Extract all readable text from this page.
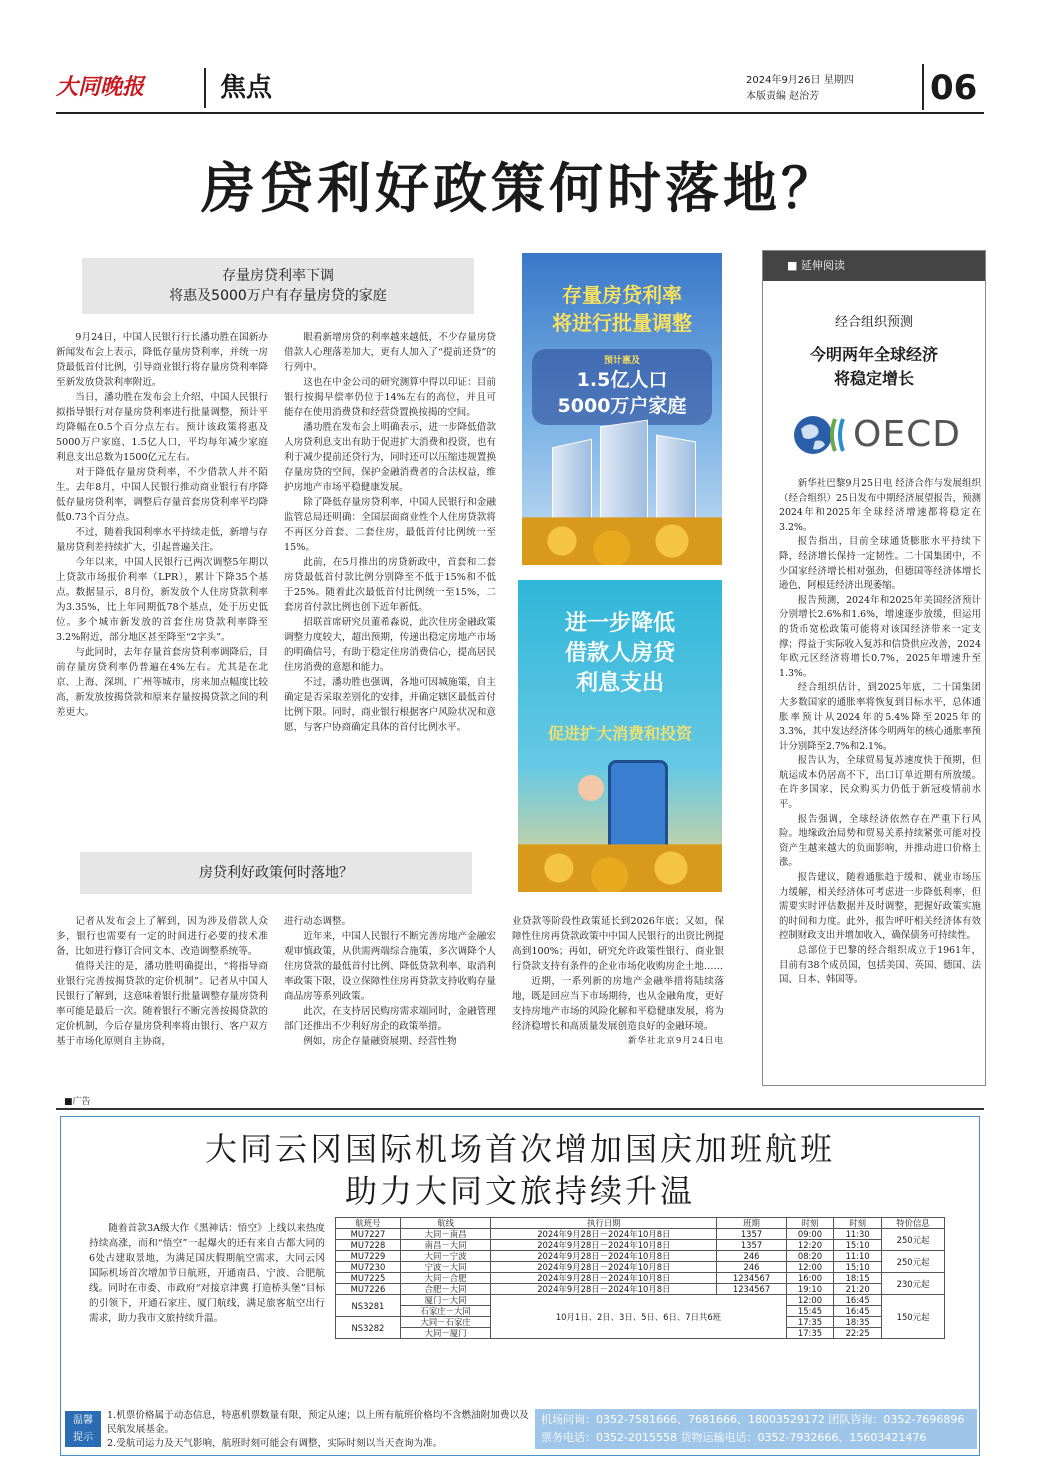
大同晚报	焦点	2024年9月26日 星期四
本版责编 赵治芳	06
房贷利好政策何时落地？
存量房贷利率下调
将惠及5000万户有存量房贷的家庭

9月24日，中国人民银行行长潘功胜在国新办新闻发布会上表示，降低存量房贷利率，并统一房贷最低首付比例，引导商业银行将存量房贷利率降至新发放贷款利率附近。

当日，潘功胜在发布会上介绍，中国人民银行拟指导银行对存量房贷利率进行批量调整，预计平均降幅在0.5个百分点左右。预计该政策将惠及5000万户家庭、1.5亿人口，平均每年减少家庭利息支出总数为1500亿元左右。

对于降低存量房贷利率，不少借款人并不陌生。去年8月，中国人民银行推动商业银行有序降低存量房贷利率，调整后存量首套房贷利率平均降低0.73个百分点。

不过，随着我国利率水平持续走低，新增与存量房贷利差持续扩大，引起普遍关注。

今年以来，中国人民银行已两次调整5年期以上贷款市场报价利率（LPR），累计下降35个基点。数据显示，8月份，新发放个人住房贷款利率为3.35%，比上年同期低78个基点，处于历史低位。多个城市新发放的首套住房贷款利率降至3.2%附近，部分地区甚至降至“2字头”。

与此同时，去年存量首套房贷利率调降后，目前存量房贷利率仍普遍在4%左右。尤其是在北京、上海、深圳、广州等城市，房来加点幅度比较高，新发放按揭贷款和原来存量按揭贷款之间的利差更大。

眼看新增房贷的利率越来越低，不少存量房贷借款人心理落差加大，更有人加入了“提前还贷”的行列中。

这也在中金公司的研究测算中得以印证：目前银行按揭早偿率仍位于14%左右的高位，并且可能存在使用消费贷和经营贷置换按揭的空间。

潘功胜在发布会上明确表示，进一步降低借款人房贷利息支出有助于促进扩大消费和投资，也有利于减少提前还贷行为，同时还可以压缩违规置换存量房贷的空间，保护金融消费者的合法权益，维护房地产市场平稳健康发展。

除了降低存量房贷利率，中国人民银行和金融监管总局还明确：全国层面商业性个人住房贷款将不再区分首套、二套住房，最低首付比例统一至15%。

此前，在5月推出的房贷新政中，首套和二套房贷最低首付款比例分别降至不低于15%和不低于25%。随着此次最低首付比例统一至15%，二套房首付款比例也创下近年新低。

招联首席研究员董希淼说，此次住房金融政策调整力度较大，超出预期，传递出稳定房地产市场的明确信号，有助于稳定住房消费信心，提高居民住房消费的意愿和能力。

不过，潘功胜也强调，各地可因城施策，自主确定是否采取差别化的安排，并确定辖区最低首付比例下限。同时，商业银行根据客户风险状况和意愿，与客户协商确定具体的首付比例水平。

存量房贷利率
将进行批量调整
预计惠及
1.5亿人口
5000万户家庭
进一步降低
借款人房贷
利息支出
促进扩大消费和投资
房贷利好政策何时落地？

记者从发布会上了解到，因为涉及借款人众多，银行也需要有一定的时间进行必要的技术准备，比如进行修订合同文本、改造调整系统等。

值得关注的是，潘功胜明确提出，“将指导商业银行完善按揭贷款的定价机制”。记者从中国人民银行了解到，这意味着银行批量调整存量房贷利率可能是最后一次。随着银行不断完善按揭贷款的定价机制，今后存量房贷利率将由银行、客户双方基于市场化原则自主协商，

进行动态调整。

近年来，中国人民银行不断完善房地产金融宏观审慎政策，从供需两端综合施策，多次调降个人住房贷款的最低首付比例、降低贷款利率、取消利率政策下限，设立保障性住房再贷款支持收购存量商品房等系列政策。

此次，在支持居民购房需求端同时，金融管理部门还推出不少利好房企的政策举措。

例如，房企存量融资展期、经营性物

业贷款等阶段性政策延长到2026年底；又如，保障性住房再贷款政策中中国人民银行的出资比例提高到100%；再如，研究允许政策性银行、商业银行贷款支持有条件的企业市场化收购房企土地……

近期，一系列新的房地产金融举措将陆续落地，既是回应当下市场期待，也从金融角度，更好支持房地产市场的风险化解和平稳健康发展，将为经济稳增长和高质量发展创造良好的金融环境。

新华社北京9月24日电

■ 延伸阅读
经合组织预测
今明两年全球经济
将稳定增长
OECD

新华社巴黎9月25日电 经济合作与发展组织（经合组织）25日发布中期经济展望报告，预测2024年和2025年全球经济增速都将稳定在3.2%。

报告指出，目前全球通货膨胀水平持续下降，经济增长保持一定韧性。二十国集团中，不少国家经济增长相对强劲，但德国等经济体增长逊色，阿根廷经济出现萎缩。

报告预测，2024年和2025年美国经济预计分别增长2.6%和1.6%，增速逐步放缓，但运用的货币宽松政策可能将对该国经济带来一定支撑；得益于实际收入复苏和信贷供应改善，2024年欧元区经济将增长0.7%，2025年增速升至1.3%。

经合组织估计，到2025年底，二十国集团大多数国家的通胀率将恢复到目标水平，总体通胀率预计从2024年的5.4%降至2025年的3.3%，其中发达经济体今明两年的核心通胀率预计分别降至2.7%和2.1%。

报告认为，全球贸易复苏速度快于预期，但航运成本仍居高不下，出口订单近期有所放缓。在许多国家，民众购买力仍低于新冠疫情前水平。

报告强调，全球经济依然存在严重下行风险。地缘政治局势和贸易关系持续紧张可能对投资产生越来越大的负面影响，并推动进口价格上涨。

报告建议，随着通胀趋于缓和、就业市场压力缓解，相关经济体可考虑进一步降低利率，但需要实时评估数据并及时调整，把握好政策实施的时间和力度。此外，报告呼吁相关经济体有效控制财政支出并增加收入，确保债务可持续性。

总部位于巴黎的经合组织成立于1961年，目前有38个成员国，包括美国、英国、德国、法国、日本、韩国等。

■广告
大同云冈国际机场首次增加国庆加班航班
助力大同文旅持续升温
随着首款3A级大作《黑神话：悟空》上线以来热度持续高涨，而和“悟空”一起爆火的还有来自古都大同的6处古建取景地，为满足国庆假期航空需求，大同云冈国际机场首次增加节日航班，开通南昌、宁波、合肥航线。同时在市委、市政府“对接京津冀 打造桥头堡”目标的引领下，开通石家庄、厦门航线，满足旅客航空出行需求，助力我市文旅持续升温。
航班号	航线	执行日期	班期	时刻	时刻	特价信息
MU7227	大同－南昌	2024年9月28日－2024年10月8日	1357	09:00	11:30	250元起
MU7228	南昌－大同	2024年9月28日－2024年10月8日	1357	12:20	15:10	
MU7229	大同－宁波	2024年9月28日－2024年10月8日	246	08:20	11:10	250元起
MU7230	宁波－大同	2024年9月28日－2024年10月8日	246	12:00	15:10	
MU7225	大同－合肥	2024年9月28日－2024年10月8日	1234567	16:00	18:15	230元起
MU7226	合肥－大同	2024年9月28日－2024年10月8日	1234567	19:10	21:20	
NS3281	厦门－大同	10月1日、2日、3日、5日、6日、7日共6班		12:00	16:45	150元起
	石家庄－大同			15:45	16:45	
NS3282	大同－石家庄			17:35	18:35	
	大同－厦门			17:35	22:25	
温馨
提示
1.机票价格属于动态信息，特惠机票数量有限，预定从速；以上所有航班价格均不含燃油附加费以及民航发展基金。
2.受航司运力及天气影响，航班时刻可能会有调整，实际时刻以当天查询为准。
机场问询：0352-7581666、7681666、18003529172 团队咨询：0352-7696896
票务电话：0352-2015558 货物运输电话：0352-7932666、15603421476
